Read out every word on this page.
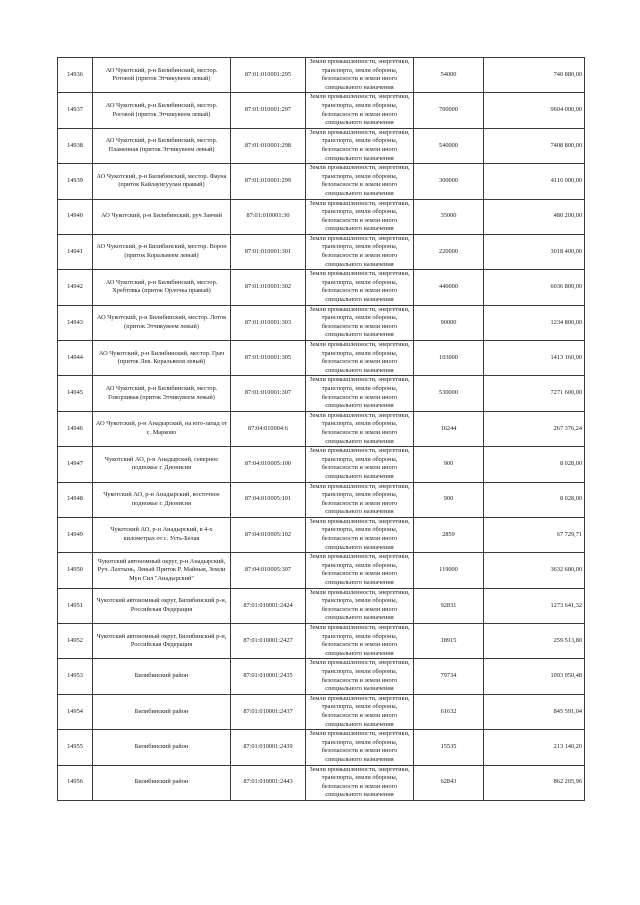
14936	АО Чукотский, р-н Билибинский, местор. Ротовой (приток Этчикувеем левый)	87:01:010001:295	Земли промышленности, энергетики, транспорта, земли обороны, безопасности и земли иного специального назначения	54000	740 880,00
14937	АО Чукотский, р-н Билибинский, местор. Роговой (приток Этчикувеем левый)	87:01:010001:297	Земли промышленности, энергетики, транспорта, земли обороны, безопасности и земли иного специального назначения	700000	9604 000,00
14938	АО Чукотский, р-н Билибинский, местор. Пламенная (приток Этчикувеем левый)	87:01:010001:298	Земли промышленности, энергетики, транспорта, земли обороны, безопасности и земли иного специального назначения	540000	7408 800,00
14939	АО Чукотский, р-н Билибинский, местор. Фауна (приток Кайлаунгуулан правый)	87:01:010001:299	Земли промышленности, энергетики, транспорта, земли обороны, безопасности и земли иного специального назначения	300000	4116 000,00
14940	АО Чукотский, р-н Билибинский, руч Заячий	87:01:010001:30	Земли промышленности, энергетики, транспорта, земли обороны, безопасности и земли иного специального назначения	35000	480 200,00
14941	АО Чукотский, р-н Билибинский, местор. Ворон (приток Коральвеем левый)	87:01:010001:301	Земли промышленности, энергетики, транспорта, земли обороны, безопасности и земли иного специального назначения	220000	3018 400,00
14942	АО Чукотский, р-н Билибинский, местор. Хребтовка (приток Орлочка правый)	87:01:010001:302	Земли промышленности, энергетики, транспорта, земли обороны, безопасности и земли иного специального назначения	440000	6036 800,00
14943	АО Чукотский, р-н Билибинский, местор. Лотов (приток Этчикувеем левый)	87:01:010001:303	Земли промышленности, энергетики, транспорта, земли обороны, безопасности и земли иного специального назначения	90000	1234 800,00
14944	АО Чукотский, р-н Билибинский, местор. Грач (приток Лев. Коральвеем левый)	87:01:010001:305	Земли промышленности, энергетики, транспорта, земли обороны, безопасности и земли иного специального назначения	103000	1413 160,00
14945	АО Чукотский, р-н Билибинский, местор. Говорливая (приток Этчикувеем левый)	87:01:010001:307	Земли промышленности, энергетики, транспорта, земли обороны, безопасности и земли иного специального назначения	530000	7271 600,00
14946	АО Чукотский, р-н Анадырский, на юго-запад от с. Марково	87:04:010004:6	Земли промышленности, энергетики, транспорта, земли обороны, безопасности и земли иного специального назначения	16244	267 376,24
14947	Чукотский АО, р-н Анадырский, северное подножье г. Дионисия	87:04:010005:100	Земли промышленности, энергетики, транспорта, земли обороны, безопасности и земли иного специального назначения	900	8 028,00
14948	Чукотский АО, р-н Анадырский, восточное подножье г. Дионисия	87:04:010005:101	Земли промышленности, энергетики, транспорта, земли обороны, безопасности и земли иного специального назначения	900	8 028,00
14949	Чукотский АО, р-н Анадырский, в 4-х километрах от с. Усть-Белая	87:04:010005:102	Земли промышленности, энергетики, транспорта, земли обороны, безопасности и земли иного специального назначения	2859	67 729,71
14950	Чукотский автономный округ, р-н Анадырский, Руч. Лахтынь, Левый Приток Р. Майныя, Земли Мун Сил "Анадырский"	87:04:010005:307	Земли промышленности, энергетики, транспорта, земли обороны, безопасности и земли иного специального назначения	119000	3632 680,00
14951	Чукотский автономный округ, Билибинский р-н, Российская Федерация	87:01:010001:2424	Земли промышленности, энергетики, транспорта, земли обороны, безопасности и земли иного специального назначения	92831	1273 641,32
14952	Чукотский автономный округ, Билибинский р-н, Российская Федерация	87:01:010001:2427	Земли промышленности, энергетики, транспорта, земли обороны, безопасности и земли иного специального назначения	18915	259 513,80
14953	Билибинский район	87:01:010001:2435	Земли промышленности, энергетики, транспорта, земли обороны, безопасности и земли иного специального назначения	79734	1093 950,48
14954	Билибинский район	87:01:010001:2437	Земли промышленности, энергетики, транспорта, земли обороны, безопасности и земли иного специального назначения	61632	845 591,04
14955	Билибинский район	87:01:010001:2439	Земли промышленности, энергетики, транспорта, земли обороны, безопасности и земли иного специального назначения	15535	213 140,20
14956	Билибинский район	87:01:010001:2443	Земли промышленности, энергетики, транспорта, земли обороны, безопасности и земли иного специального назначения	62843	862 205,96
